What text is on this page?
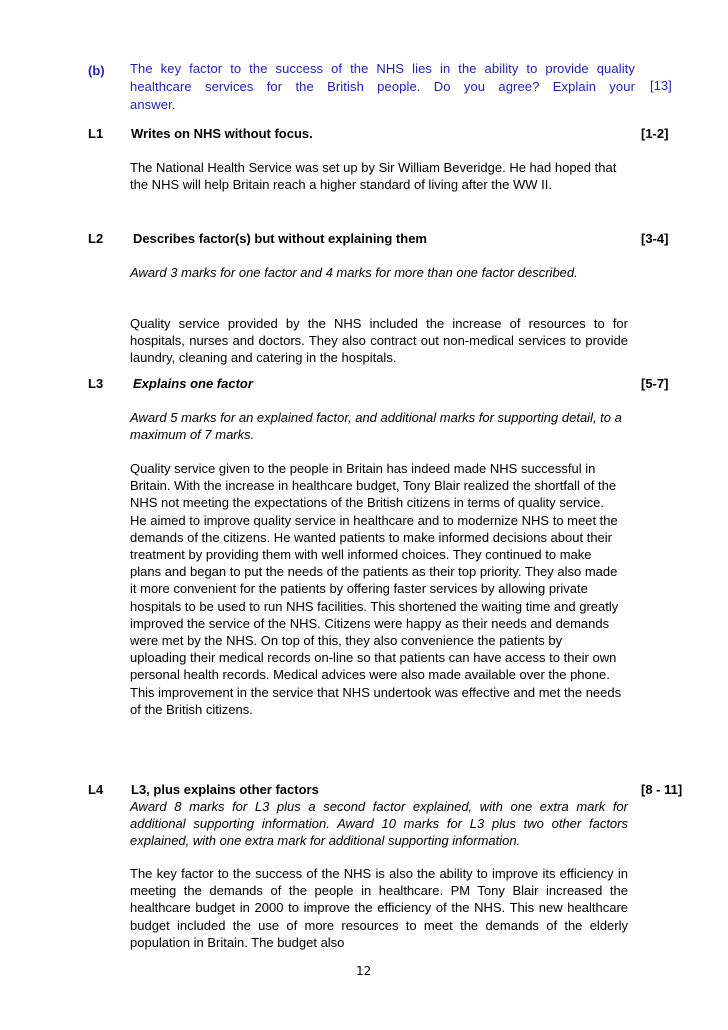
(b) The key factor to the success of the NHS lies in the ability to provide quality
healthcare services for the British people. Do you agree? Explain your
answer.
[13]
L1 Writes on NHS without focus.	[1-2]
The National Health Service was set up by Sir William Beveridge. He had hoped that the NHS will help Britain reach a higher standard of living after the WW II.
L2 Describes factor(s) but without explaining them	[3-4]
Award 3 marks for one factor and 4 marks for more than one factor described.
Quality service provided by the NHS included the increase of resources to for hospitals, nurses and doctors. They also contract out non-medical services to provide laundry, cleaning and catering in the hospitals.
L3 Explains one factor	[5-7]
Award 5 marks for an explained factor, and additional marks for supporting detail, to a maximum of 7 marks.
Quality service given to the people in Britain has indeed made NHS successful in Britain. With the increase in healthcare budget, Tony Blair realized the shortfall of the NHS not meeting the expectations of the British citizens in terms of quality service. He aimed to improve quality service in healthcare and to modernize NHS to meet the demands of the citizens. He wanted patients to make informed decisions about their treatment by providing them with well informed choices. They continued to make plans and began to put the needs of the patients as their top priority. They also made it more convenient for the patients by offering faster services by allowing private hospitals to be used to run NHS facilities. This shortened the waiting time and greatly improved the service of the NHS. Citizens were happy as their needs and demands were met by the NHS. On top of this, they also convenience the patients by uploading their medical records on-line so that patients can have access to their own personal health records. Medical advices were also made available over the phone. This improvement in the service that NHS undertook was effective and met the needs of the British citizens.
L4 L3, plus explains other factors	[8 - 11]
Award 8 marks for L3 plus a second factor explained, with one extra mark for additional supporting information. Award 10 marks for L3 plus two other factors explained, with one extra mark for additional supporting information.
The key factor to the success of the NHS is also the ability to improve its efficiency in meeting the demands of the people in healthcare. PM Tony Blair increased the healthcare budget in 2000 to improve the efficiency of the NHS. This new healthcare budget included the use of more resources to meet the demands of the elderly population in Britain. The budget also
12
